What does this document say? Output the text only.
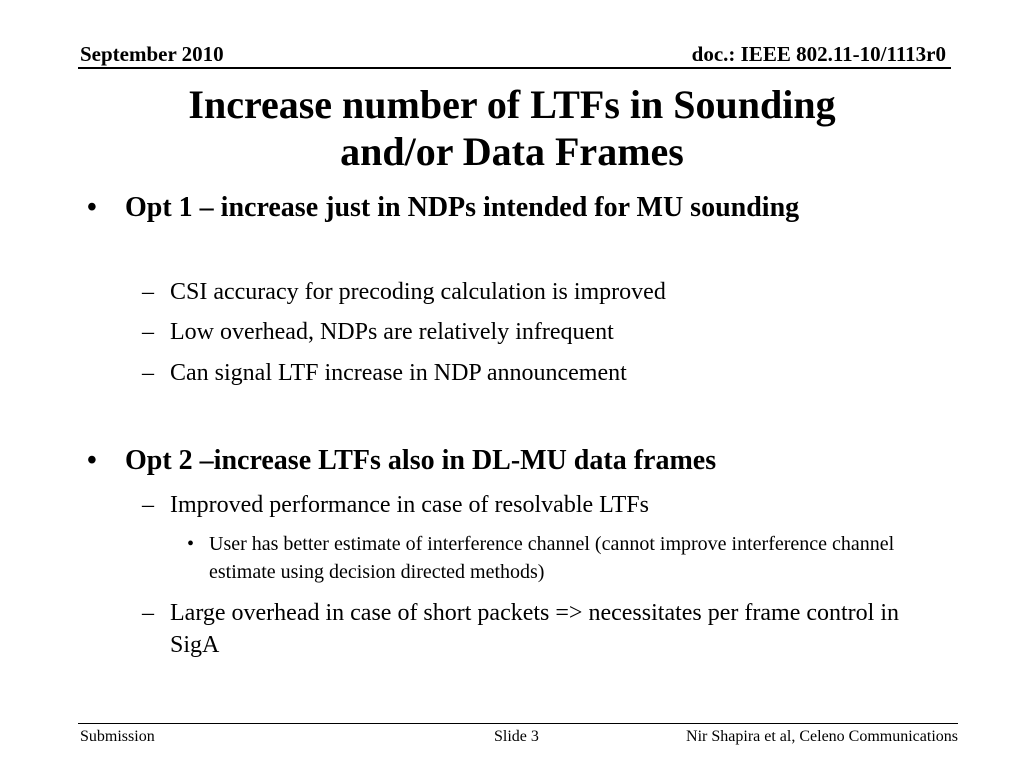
September 2010	doc.: IEEE 802.11-10/1113r0
Increase number of LTFs in Sounding
and/or Data Frames
• Opt 1 – increase just in NDPs intended for MU sounding
– CSI accuracy for precoding calculation is improved
– Low overhead, NDPs are relatively infrequent
– Can signal LTF increase in NDP announcement
• Opt 2 –increase LTFs also in DL-MU data frames
– Improved performance in case of resolvable LTFs
• User has better estimate of interference channel (cannot improve interference channel estimate using decision directed methods)
– Large overhead in case of short packets => necessitates per frame control in SigA
Submission	Slide 3	Nir Shapira et al, Celeno Communications
